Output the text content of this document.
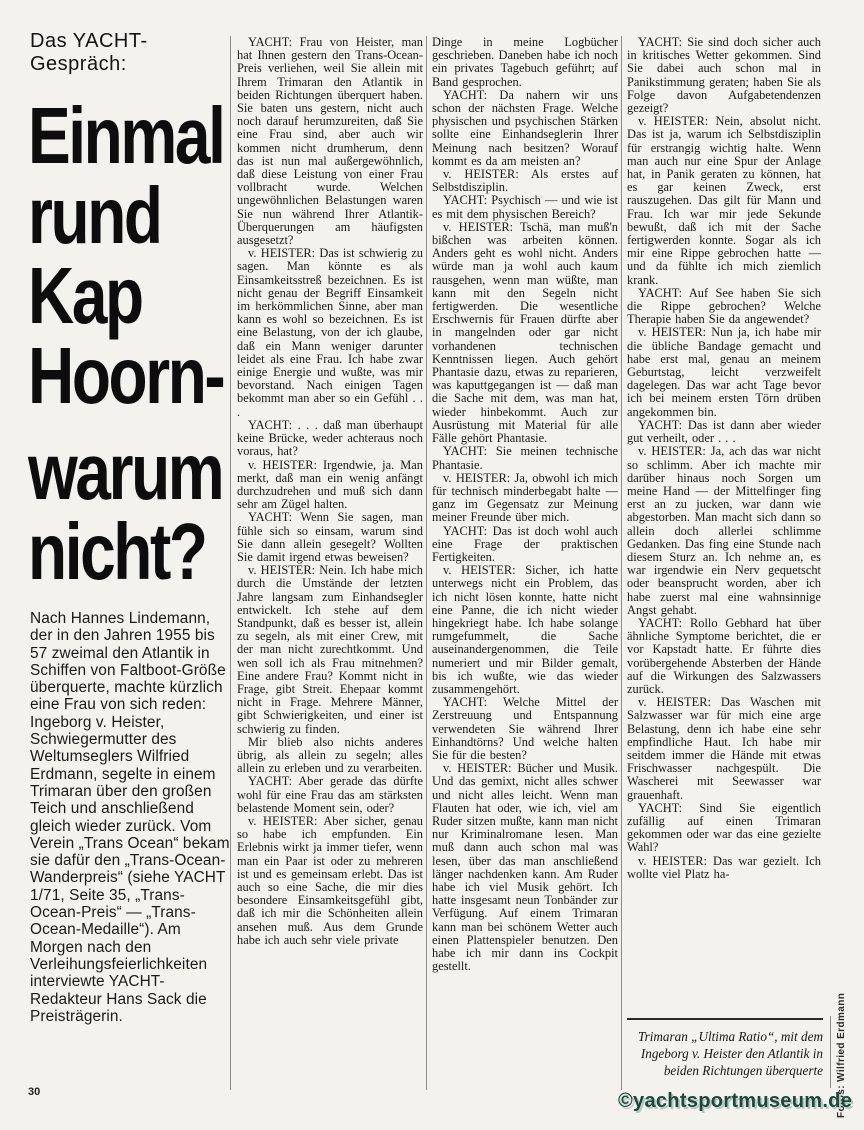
Das YACHT-Gespräch:
Einmal
rund
Kap
Hoorn-
warum
nicht?
Nach Hannes Lindemann, der in den Jahren 1955 bis 57 zweimal den Atlantik in Schiffen von Faltboot-Größe überquerte, machte kürzlich eine Frau von sich reden: Ingeborg v. Heister, Schwiegermutter des Weltumseglers Wilfried Erdmann, segelte in einem Trimaran über den großen Teich und anschließend gleich wieder zurück. Vom Verein „Trans Ocean“ bekam sie dafür den „Trans-Ocean-Wanderpreis“ (siehe YACHT 1/71, Seite 35, „Trans-Ocean-Preis“ — „Trans-Ocean-Medaille“). Am Morgen nach den Verleihungsfeierlichkeiten interviewte YACHT-Redakteur Hans Sack die Preisträgerin.
30

YACHT: Frau von Heister, man hat Ihnen gestern den Trans-Ocean-Preis verliehen, weil Sie allein mit Ihrem Trimaran den Atlantik in beiden Richtungen überquert haben. Sie baten uns gestern, nicht auch noch darauf herumzureiten, daß Sie eine Frau sind, aber auch wir kommen nicht drumherum, denn das ist nun mal außergewöhnlich, daß diese Leistung von einer Frau vollbracht wurde. Welchen ungewöhnlichen Belastungen waren Sie nun während Ihrer Atlantik-Überquerungen am häufigsten ausgesetzt?

v. HEISTER: Das ist schwierig zu sagen. Man könnte es als Einsamkeitsstreß bezeichnen. Es ist nicht genau der Begriff Einsamkeit im herkömmlichen Sinne, aber man kann es wohl so bezeichnen. Es ist eine Belastung, von der ich glaube, daß ein Mann weniger darunter leidet als eine Frau. Ich habe zwar einige Energie und wußte, was mir bevorstand. Nach einigen Tagen bekommt man aber so ein Gefühl . . .

YACHT: . . . daß man überhaupt keine Brücke, weder achteraus noch voraus, hat?

v. HEISTER: Irgendwie, ja. Man merkt, daß man ein wenig anfängt durchzudrehen und muß sich dann sehr am Zügel halten.

YACHT: Wenn Sie sagen, man fühle sich so einsam, warum sind Sie dann allein gesegelt? Wollten Sie damit irgend etwas beweisen?

v. HEISTER: Nein. Ich habe mich durch die Umstände der letzten Jahre langsam zum Einhandsegler entwickelt. Ich stehe auf dem Standpunkt, daß es besser ist, allein zu segeln, als mit einer Crew, mit der man nicht zurechtkommt. Und wen soll ich als Frau mitnehmen? Eine andere Frau? Kommt nicht in Frage, gibt Streit. Ehepaar kommt nicht in Frage. Mehrere Männer, gibt Schwierigkeiten, und einer ist schwierig zu finden.

Mir blieb also nichts anderes übrig, als allein zu segeln; alles allein zu erleben und zu verarbeiten.

YACHT: Aber gerade das dürfte wohl für eine Frau das am stärksten belastende Moment sein, oder?

v. HEISTER: Aber sicher, genau so habe ich empfunden. Ein Erlebnis wirkt ja immer tiefer, wenn man ein Paar ist oder zu mehreren ist und es gemeinsam erlebt. Das ist auch so eine Sache, die mir dies besondere Einsamkeitsgefühl gibt, daß ich mir die Schönheiten allein ansehen muß. Aus dem Grunde habe ich auch sehr viele private

Dinge in meine Logbücher geschrieben. Daneben habe ich noch ein privates Tagebuch geführt; auf Band gesprochen.

YACHT: Da nahern wir uns schon der nächsten Frage. Welche physischen und psychischen Stärken sollte eine Einhandseglerin Ihrer Meinung nach besitzen? Worauf kommt es da am meisten an?

v. HEISTER: Als erstes auf Selbstdisziplin.

YACHT: Psychisch — und wie ist es mit dem physischen Bereich?

v. HEISTER: Tschä, man muß'n bißchen was arbeiten können. Anders geht es wohl nicht. Anders würde man ja wohl auch kaum rausgehen, wenn man wüßte, man kann mit den Segeln nicht fertigwerden. Die wesentliche Erschwernis für Frauen dürfte aber in mangelnden oder gar nicht vorhandenen technischen Kenntnissen liegen. Auch gehört Phantasie dazu, etwas zu reparieren, was kaputtgegangen ist — daß man die Sache mit dem, was man hat, wieder hinbekommt. Auch zur Ausrüstung mit Material für alle Fälle gehört Phantasie.

YACHT: Sie meinen technische Phantasie.

v. HEISTER: Ja, obwohl ich mich für technisch minderbegabt halte — ganz im Gegensatz zur Meinung meiner Freunde über mich.

YACHT: Das ist doch wohl auch eine Frage der praktischen Fertigkeiten.

v. HEISTER: Sicher, ich hatte unterwegs nicht ein Problem, das ich nicht lösen konnte, hatte nicht eine Panne, die ich nicht wieder hingekriegt habe. Ich habe solange rumgefummelt, die Sache auseinandergenommen, die Teile numeriert und mir Bilder gemalt, bis ich wußte, wie das wieder zusammengehört.

YACHT: Welche Mittel der Zerstreuung und Entspannung verwendeten Sie während Ihrer Einhandtörns? Und welche halten Sie für die besten?

v. HEISTER: Bücher und Musik. Und das gemixt, nicht alles schwer und nicht alles leicht. Wenn man Flauten hat oder, wie ich, viel am Ruder sitzen mußte, kann man nicht nur Kriminalromane lesen. Man muß dann auch schon mal was lesen, über das man anschließend länger nachdenken kann. Am Ruder habe ich viel Musik gehört. Ich hatte insgesamt neun Tonbänder zur Verfügung. Auf einem Trimaran kann man bei schönem Wetter auch einen Plattenspieler benutzen. Den habe ich mir dann ins Cockpit gestellt.

YACHT: Sie sind doch sicher auch in kritisches Wetter gekommen. Sind Sie dabei auch schon mal in Panikstimmung geraten; haben Sie als Folge davon Aufgabetendenzen gezeigt?

v. HEISTER: Nein, absolut nicht. Das ist ja, warum ich Selbstdisziplin für erstrangig wichtig halte. Wenn man auch nur eine Spur der Anlage hat, in Panik geraten zu können, hat es gar keinen Zweck, erst rauszugehen. Das gilt für Mann und Frau. Ich war mir jede Sekunde bewußt, daß ich mit der Sache fertigwerden konnte. Sogar als ich mir eine Rippe gebrochen hatte — und da fühlte ich mich ziemlich krank.

YACHT: Auf See haben Sie sich die Rippe gebrochen? Welche Therapie haben Sie da angewendet?

v. HEISTER: Nun ja, ich habe mir die übliche Bandage gemacht und habe erst mal, genau an meinem Geburtstag, leicht verzweifelt dagelegen. Das war acht Tage bevor ich bei meinem ersten Törn drüben angekommen bin.

YACHT: Das ist dann aber wieder gut verheilt, oder . . .

v. HEISTER: Ja, ach das war nicht so schlimm. Aber ich machte mir darüber hinaus noch Sorgen um meine Hand — der Mittelfinger fing erst an zu jucken, war dann wie abgestorben. Man macht sich dann so allein doch allerlei schlimme Gedanken. Das fing eine Stunde nach diesem Sturz an. Ich nehme an, es war irgendwie ein Nerv gequetscht oder beansprucht worden, aber ich habe zuerst mal eine wahnsinnige Angst gehabt.

YACHT: Rollo Gebhard hat über ähnliche Symptome berichtet, die er vor Kapstadt hatte. Er führte dies vorübergehende Absterben der Hände auf die Wirkungen des Salzwassers zurück.

v. HEISTER: Das Waschen mit Salzwasser war für mich eine arge Belastung, denn ich habe eine sehr empfindliche Haut. Ich habe mir seitdem immer die Hände mit etwas Frischwasser nachgespült. Die Wascherei mit Seewasser war grauenhaft.

YACHT: Sind Sie eigentlich zufällig auf einen Trimaran gekommen oder war das eine gezielte Wahl?

v. HEISTER: Das war gezielt. Ich wollte viel Platz ha-

Trimaran „Ultima Ratio“, mit dem Ingeborg v. Heister den Atlantik in beiden Richtungen überquerte Fotos: Wilfried Erdmann
©yachtsportmuseum.de
